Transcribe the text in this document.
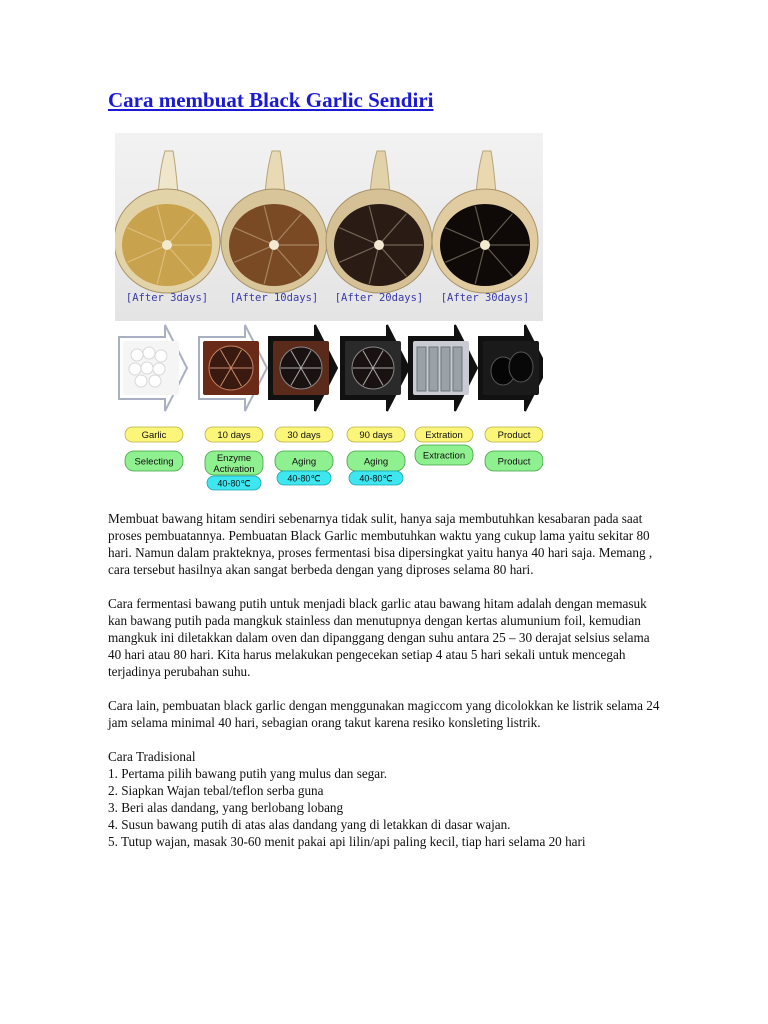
Cara membuat Black Garlic Sendiri
[After 3days] [After 10days] [After 20days] [After 30days]
Garlic
Selecting
10 days
Enzyme
Activation
40-80℃
30 days
Aging
40-80℃
90 days
Aging
40-80℃
Extration
Extraction
Product
Product

Membuat bawang hitam sendiri sebenarnya tidak sulit, hanya saja membutuhkan kesabaran pada saat proses pembuatannya. Pembuatan Black Garlic membutuhkan waktu yang cukup lama yaitu sekitar 80 hari. Namun dalam prakteknya, proses fermentasi bisa dipersingkat yaitu hanya 40 hari saja. Memang , cara tersebut hasilnya akan sangat berbeda dengan yang diproses selama 80 hari.

Cara fermentasi bawang putih untuk menjadi black garlic atau bawang hitam adalah dengan memasuk kan bawang putih pada mangkuk stainless dan menutupnya dengan kertas alumunium foil, kemudian mangkuk ini diletakkan dalam oven dan dipanggang dengan suhu antara 25 – 30 derajat selsius selama 40 hari atau 80 hari. Kita harus melakukan pengecekan setiap 4 atau 5 hari sekali untuk mencegah terjadinya perubahan suhu.

Cara lain, pembuatan black garlic dengan menggunakan magiccom yang dicolokkan ke listrik selama 24 jam selama minimal 40 hari, sebagian orang takut karena resiko konsleting listrik.

Cara Tradisional
1. Pertama pilih bawang putih yang mulus dan segar.
2. Siapkan Wajan tebal/teflon serba guna
3. Beri alas dandang, yang berlobang lobang
4. Susun bawang putih di atas alas dandang yang di letakkan di dasar wajan.
5. Tutup wajan, masak 30-60 menit pakai api lilin/api paling kecil, tiap hari selama 20 hari
